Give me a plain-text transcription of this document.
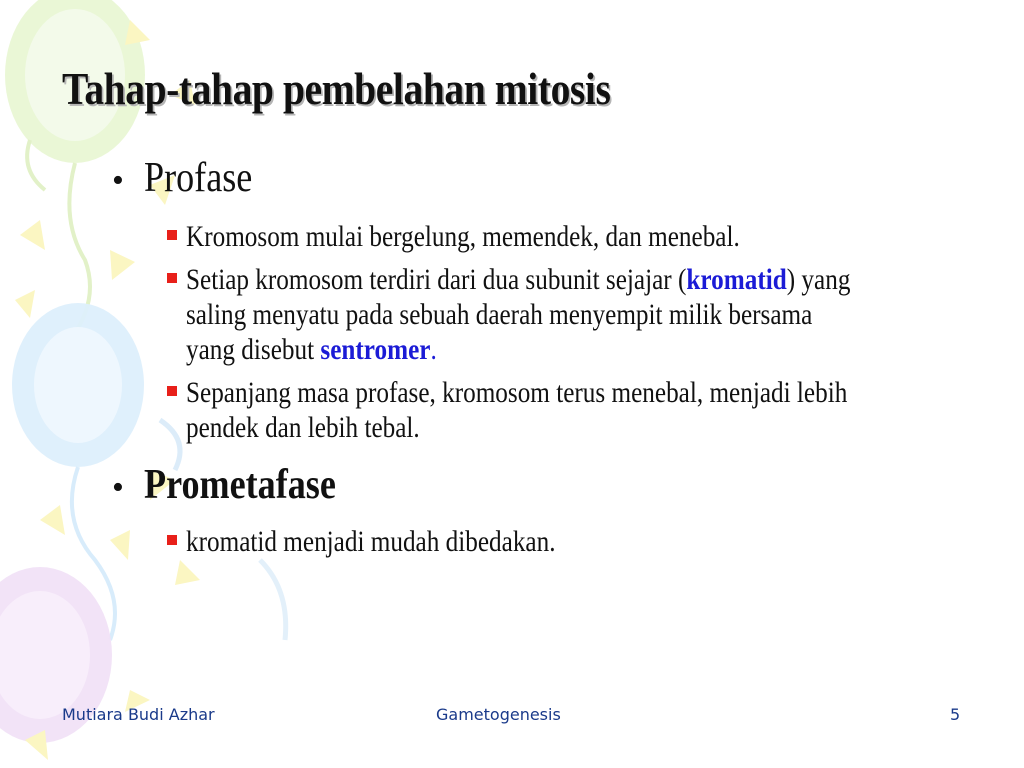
Tahap-tahap pembelahan mitosis
• Profase
Kromosom mulai bergelung, memendek, dan menebal.
Setiap kromosom terdiri dari dua subunit sejajar (kromatid) yang saling menyatu pada sebuah daerah menyempit milik bersama yang disebut sentromer.
Sepanjang masa profase, kromosom terus menebal, menjadi lebih pendek dan lebih tebal.
• Prometafase
kromatid menjadi mudah dibedakan.
Mutiara Budi Azhar	Gametogenesis	5
